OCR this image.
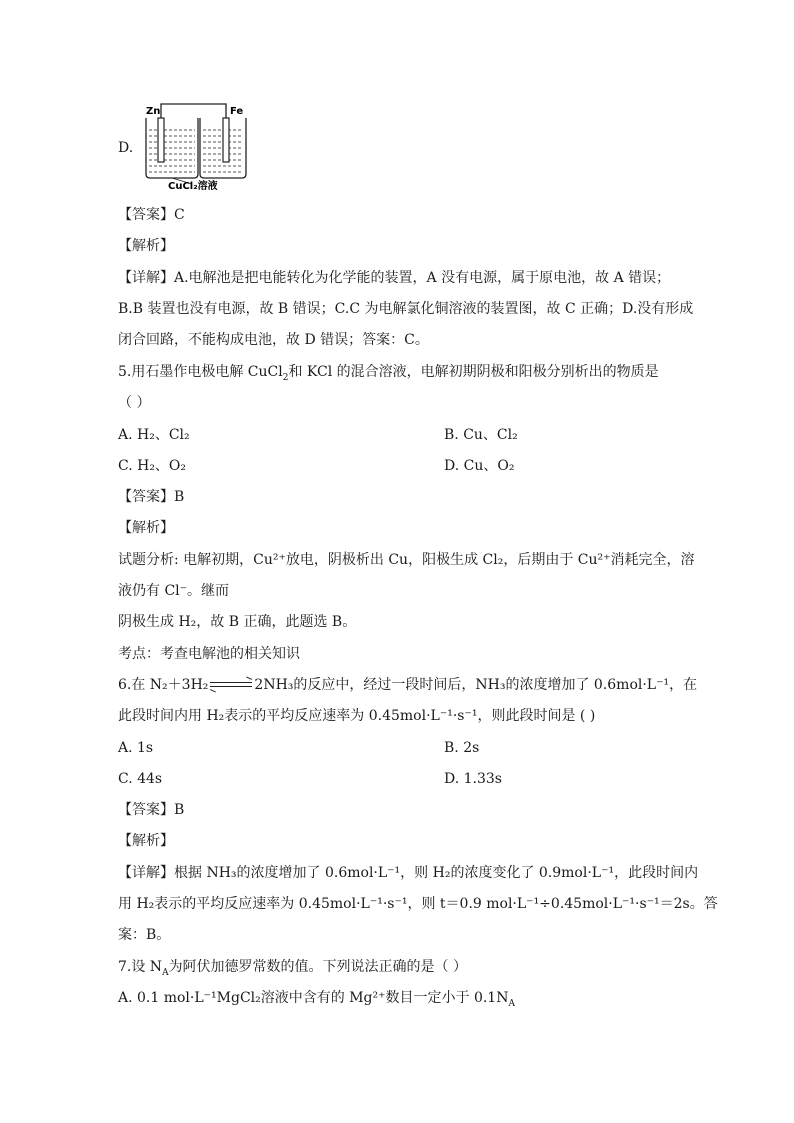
D.
Zn	Fe
CuCl₂溶液
【答案】C
【解析】
【详解】A.电解池是把电能转化为化学能的装置，A 没有电源，属于原电池，故 A 错误；
B.B 装置也没有电源，故 B 错误；C.C 为电解氯化铜溶液的装置图，故 C 正确；D.没有形成
闭合回路，不能构成电池，故 D 错误；答案：C。
5.用石墨作电极电解 CuCl$_2$和 KCl 的混合溶液，电解初期阴极和阳极分别析出的物质是
（ ）
A. H₂、Cl₂	B. Cu、Cl₂
C. H₂、O₂	D. Cu、O₂
【答案】B
【解析】
试题分析: 电解初期，Cu²⁺放电，阴极析出 Cu，阳极生成 Cl₂，后期由于 Cu²⁺消耗完全，溶
液仍有 Cl⁻。继而
阴极生成 H₂，故 B 正确，此题选 B。
考点：考查电解池的相关知识
6.在 N₂＋3H₂ → 2NH₃的反应中，经过一段时间后，NH₃的浓度增加了 0.6mol·L⁻¹，在
此段时间内用 H₂表示的平均反应速率为 0.45mol·L⁻¹·s⁻¹，则此段时间是 ( )
A. 1s	B. 2s
C. 44s	D. 1.33s
【答案】B
【解析】
【详解】根据 NH₃的浓度增加了 0.6mol·L⁻¹，则 H₂的浓度变化了 0.9mol·L⁻¹，此段时间内
用 H₂表示的平均反应速率为 0.45mol·L⁻¹·s⁻¹，则 t＝0.9 mol·L⁻¹÷0.45mol·L⁻¹·s⁻¹＝2s。答
案：B。
7.设 $N_A$为阿伏加德罗常数的值。下列说法正确的是（ ）
A. 0.1 mol·L⁻¹MgCl₂溶液中含有的 Mg²⁺数目一定小于 $0.1N_A$
